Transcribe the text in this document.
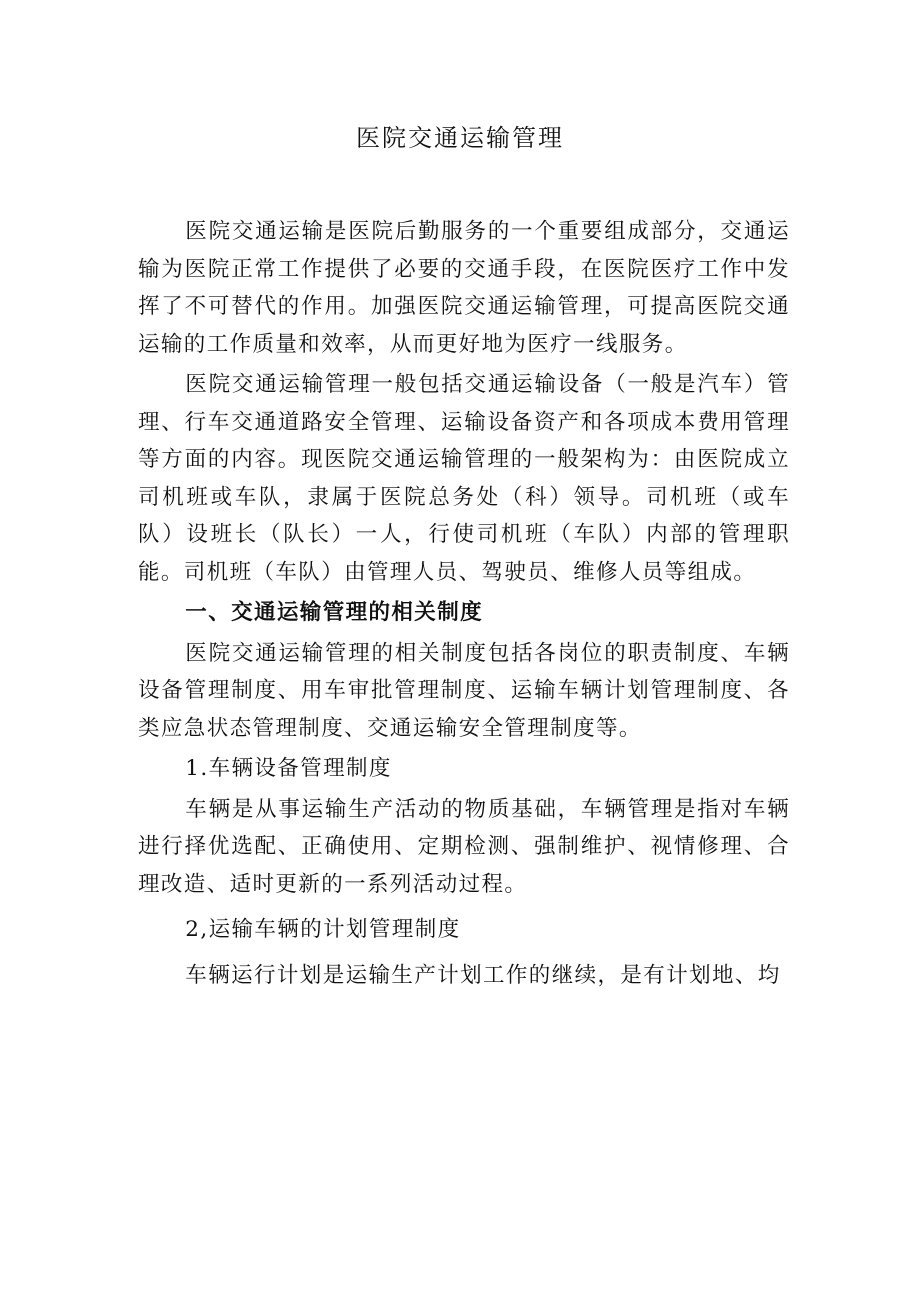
医院交通运输管理

医院交通运输是医院后勤服务的一个重要组成部分，交通运输为医院正常工作提供了必要的交通手段，在医院医疗工作中发挥了不可替代的作用。加强医院交通运输管理，可提高医院交通运输的工作质量和效率，从而更好地为医疗一线服务。

医院交通运输管理一般包括交通运输设备（一般是汽车）管理、行车交通道路安全管理、运输设备资产和各项成本费用管理等方面的内容。现医院交通运输管理的一般架构为：由医院成立司机班或车队，隶属于医院总务处（科）领导。司机班（或车队）设班长（队长）一人，行使司机班（车队）内部的管理职能。司机班（车队）由管理人员、驾驶员、维修人员等组成。

一、交通运输管理的相关制度

医院交通运输管理的相关制度包括各岗位的职责制度、车辆设备管理制度、用车审批管理制度、运输车辆计划管理制度、各类应急状态管理制度、交通运输安全管理制度等。

1.车辆设备管理制度

车辆是从事运输生产活动的物质基础，车辆管理是指对车辆进行择优选配、正确使用、定期检测、强制维护、视情修理、合理改造、适时更新的一系列活动过程。

2,运输车辆的计划管理制度

车辆运行计划是运输生产计划工作的继续，是有计划地、均
